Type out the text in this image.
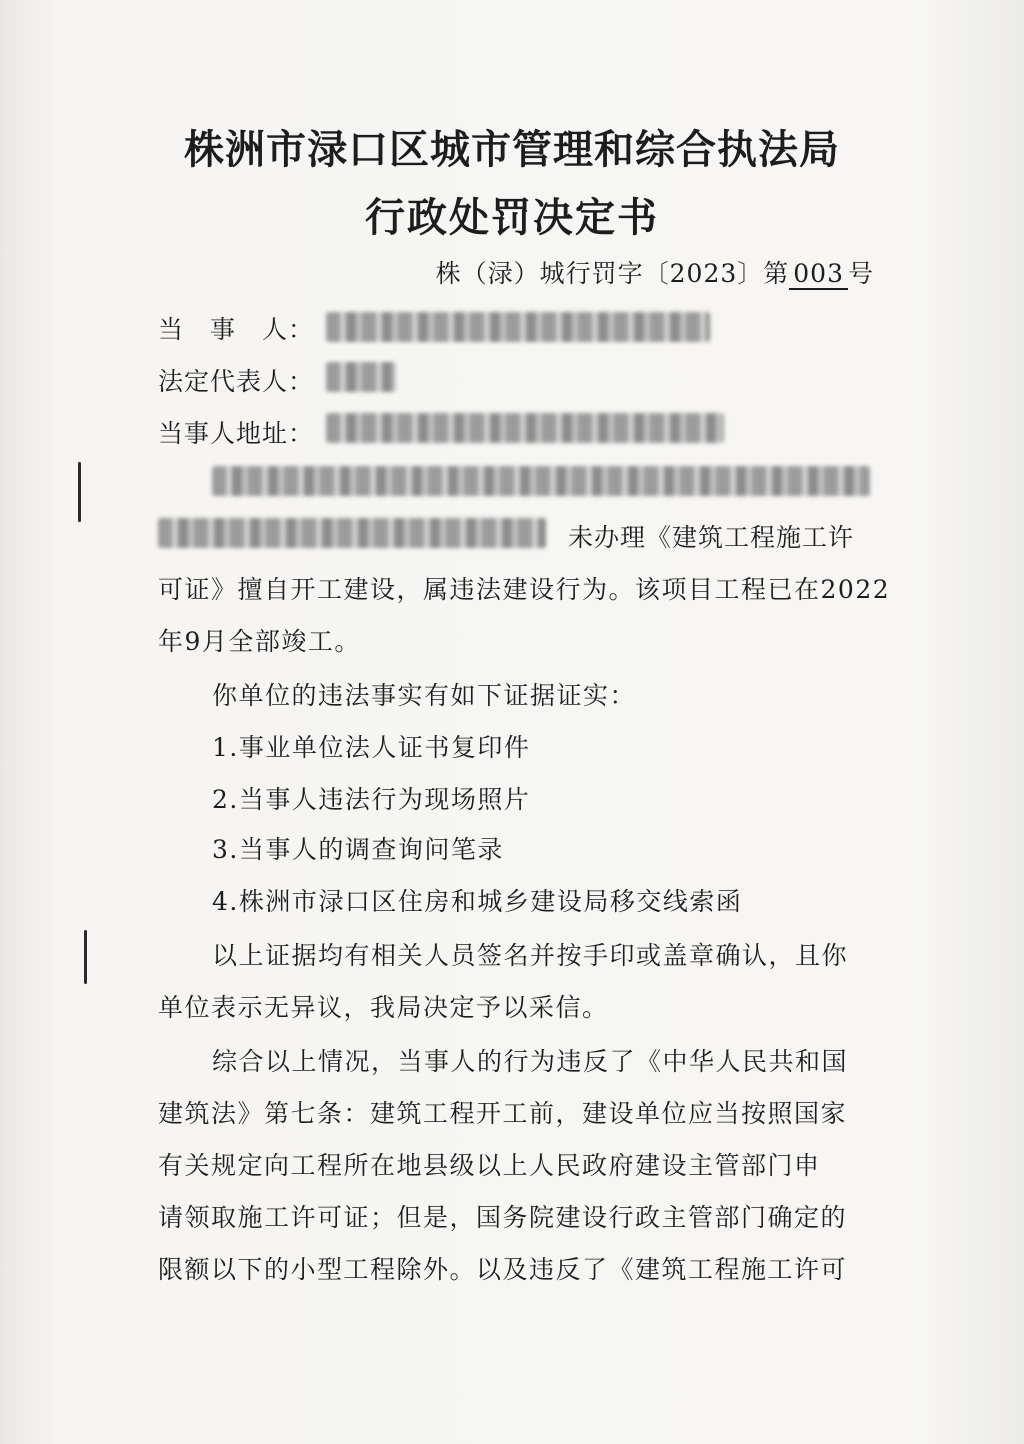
株洲市渌口区城市管理和综合执法局
行政处罚决定书
株（渌）城行罚字〔2023〕第 003 号
当　事　人：
法定代表人：
当事人地址：
未办理《建筑工程施工许
可证》擅自开工建设，属违法建设行为。该项目工程已在2022
年9月全部竣工。
你单位的违法事实有如下证据证实：
1.事业单位法人证书复印件
2.当事人违法行为现场照片
3.当事人的调查询问笔录
4.株洲市渌口区住房和城乡建设局移交线索函
以上证据均有相关人员签名并按手印或盖章确认，且你
单位表示无异议，我局决定予以采信。
综合以上情况，当事人的行为违反了《中华人民共和国
建筑法》第七条：建筑工程开工前，建设单位应当按照国家
有关规定向工程所在地县级以上人民政府建设主管部门申
请领取施工许可证；但是，国务院建设行政主管部门确定的
限额以下的小型工程除外。以及违反了《建筑工程施工许可
